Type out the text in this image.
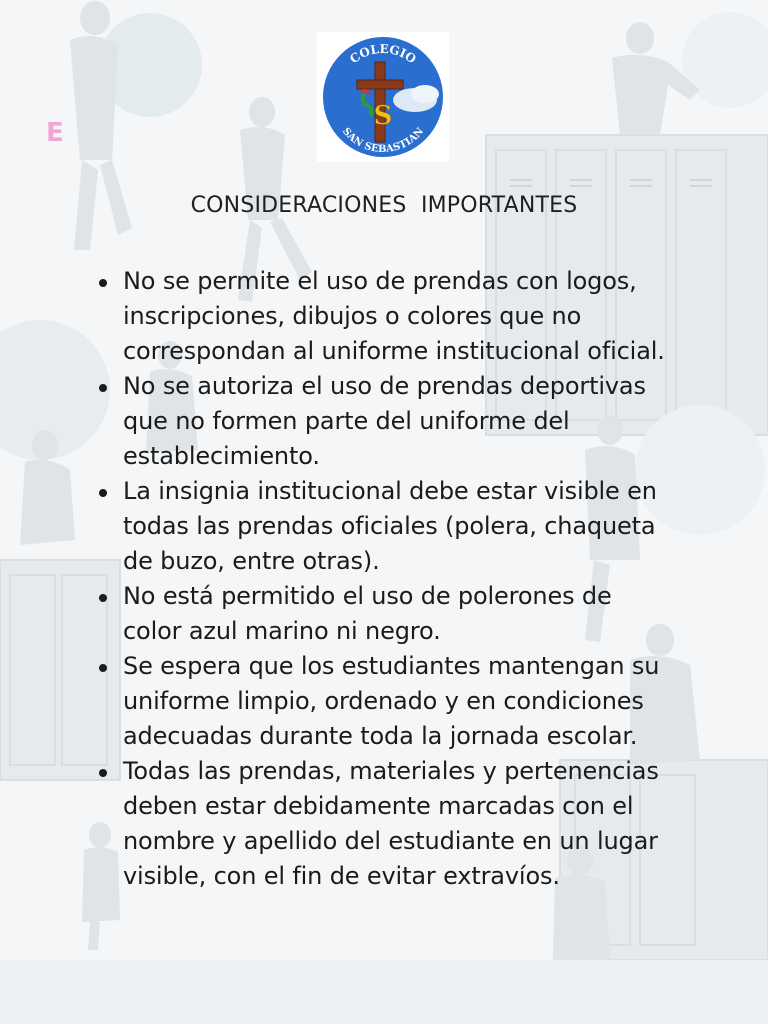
E
COLEGIO
SAN SEBASTIAN
S
CONSIDERACIONES  IMPORTANTES
No se permite el uso de prendas con logos,
inscripciones, dibujos o colores que no
correspondan al uniforme institucional oficial.
No se autoriza el uso de prendas deportivas
que no formen parte del uniforme del
establecimiento.
La insignia institucional debe estar visible en
todas las prendas oficiales (polera, chaqueta
de buzo, entre otras).
No está permitido el uso de polerones de
color azul marino ni negro.
Se espera que los estudiantes mantengan su
uniforme limpio, ordenado y en condiciones
adecuadas durante toda la jornada escolar.
Todas las prendas, materiales y pertenencias
deben estar debidamente marcadas con el
nombre y apellido del estudiante en un lugar
visible, con el fin de evitar extravíos.
